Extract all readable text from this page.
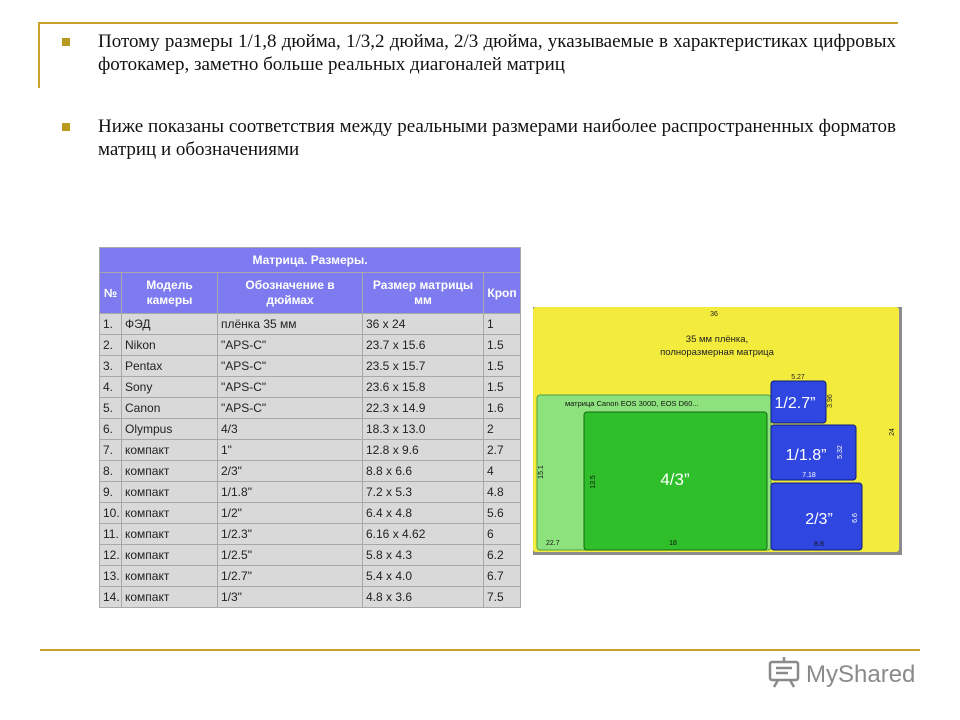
Потому размеры 1/1,8 дюйма, 1/3,2 дюйма, 2/3 дюйма, указываемые в характеристиках цифровых фотокамер, заметно больше реальных диагоналей матриц
Ниже показаны соответствия между реальными размерами наиболее распространенных форматов матриц и обозначениями
Матрица. Размеры.				
№	Модель камеры	Обозначение в дюймах	Размер матрицы мм	Кроп
1.	ФЭД	плёнка 35 мм	36 x 24	1
2.	Nikon	"APS-C"	23.7 x 15.6	1.5
3.	Pentax	"APS-C"	23.5 x 15.7	1.5
4.	Sony	"APS-C"	23.6 x 15.8	1.5
5.	Canon	"APS-C"	22.3 x 14.9	1.6
6.	Olympus	4/3	18.3 x 13.0	2
7.	компакт	1"	12.8 x 9.6	2.7
8.	компакт	2/3"	8.8 x 6.6	4
9.	компакт	1/1.8"	7.2 x 5.3	4.8
10.	компакт	1/2"	6.4 x 4.8	5.6
11.	компакт	1/2.3"	6.16 x 4.62	6
12.	компакт	1/2.5"	5.8 x 4.3	6.2
13.	компакт	1/2.7"	5.4 x 4.0	6.7
14.	компакт	1/3"	4.8 x 3.6	7.5
36
24
35 мм плёнка,
полноразмерная матрица
матрица Canon EOS 300D, EOS D60...
15.1
22.7
4/3”
13.5
18
5.27
1/2.7” 3.96
1/1.8” 5.32
7.18
2/3”	6.6
8.8
MyShared
